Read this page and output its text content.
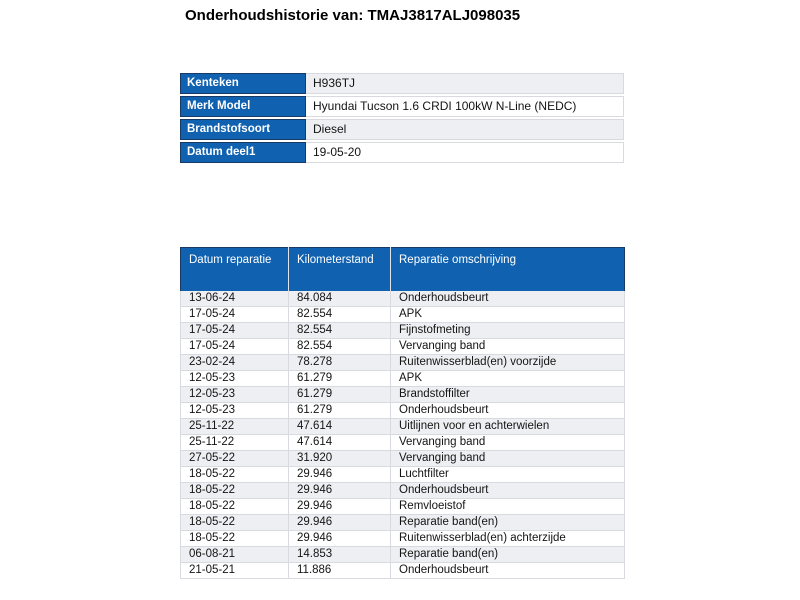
Onderhoudshistorie van: TMAJ3817ALJ098035
Kenteken	H936TJ
Merk Model	Hyundai Tucson 1.6 CRDI 100kW N-Line (NEDC)
Brandstofsoort	Diesel
Datum deel1	19-05-20
Datum reparatie	Kilometerstand	Reparatie omschrijving
13-06-24	84.084	Onderhoudsbeurt
17-05-24	82.554	APK
17-05-24	82.554	Fijnstofmeting
17-05-24	82.554	Vervanging band
23-02-24	78.278	Ruitenwisserblad(en) voorzijde
12-05-23	61.279	APK
12-05-23	61.279	Brandstoffilter
12-05-23	61.279	Onderhoudsbeurt
25-11-22	47.614	Uitlijnen voor en achterwielen
25-11-22	47.614	Vervanging band
27-05-22	31.920	Vervanging band
18-05-22	29.946	Luchtfilter
18-05-22	29.946	Onderhoudsbeurt
18-05-22	29.946	Remvloeistof
18-05-22	29.946	Reparatie band(en)
18-05-22	29.946	Ruitenwisserblad(en) achterzijde
06-08-21	14.853	Reparatie band(en)
21-05-21	11.886	Onderhoudsbeurt
